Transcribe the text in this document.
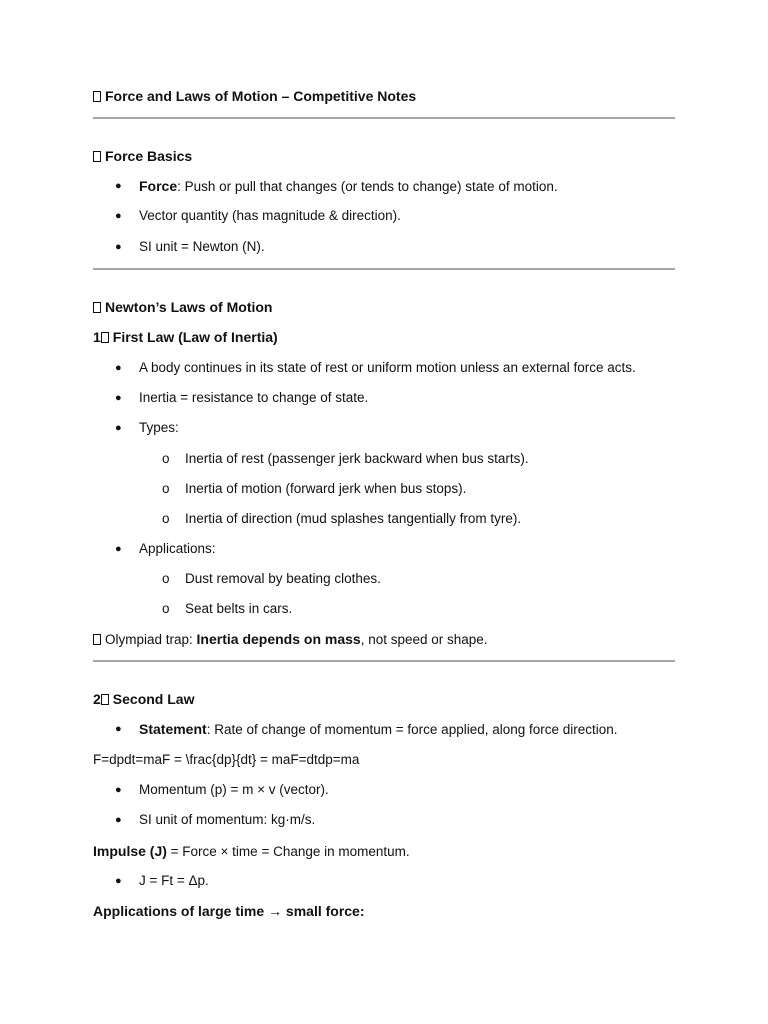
Force and Laws of Motion – Competitive Notes
Force Basics
● Force: Push or pull that changes (or tends to change) state of motion.
● Vector quantity (has magnitude & direction).
● SI unit = Newton (N).
Newton’s Laws of Motion
1 First Law (Law of Inertia)
● A body continues in its state of rest or uniform motion unless an external force acts.
● Inertia = resistance to change of state.
● Types:
o Inertia of rest (passenger jerk backward when bus starts).
o Inertia of motion (forward jerk when bus stops).
o Inertia of direction (mud splashes tangentially from tyre).
● Applications:
o Dust removal by beating clothes.
o Seat belts in cars.
Olympiad trap: Inertia depends on mass, not speed or shape.
2 Second Law
● Statement: Rate of change of momentum = force applied, along force direction.
F=dpdt=maF = \frac{dp}{dt} = maF=dtdp​=ma
● Momentum (p) = m × v (vector).
● SI unit of momentum: kg·m/s.
Impulse (J) = Force × time = Change in momentum.
● J = Ft = Δp.
Applications of large time → small force:
